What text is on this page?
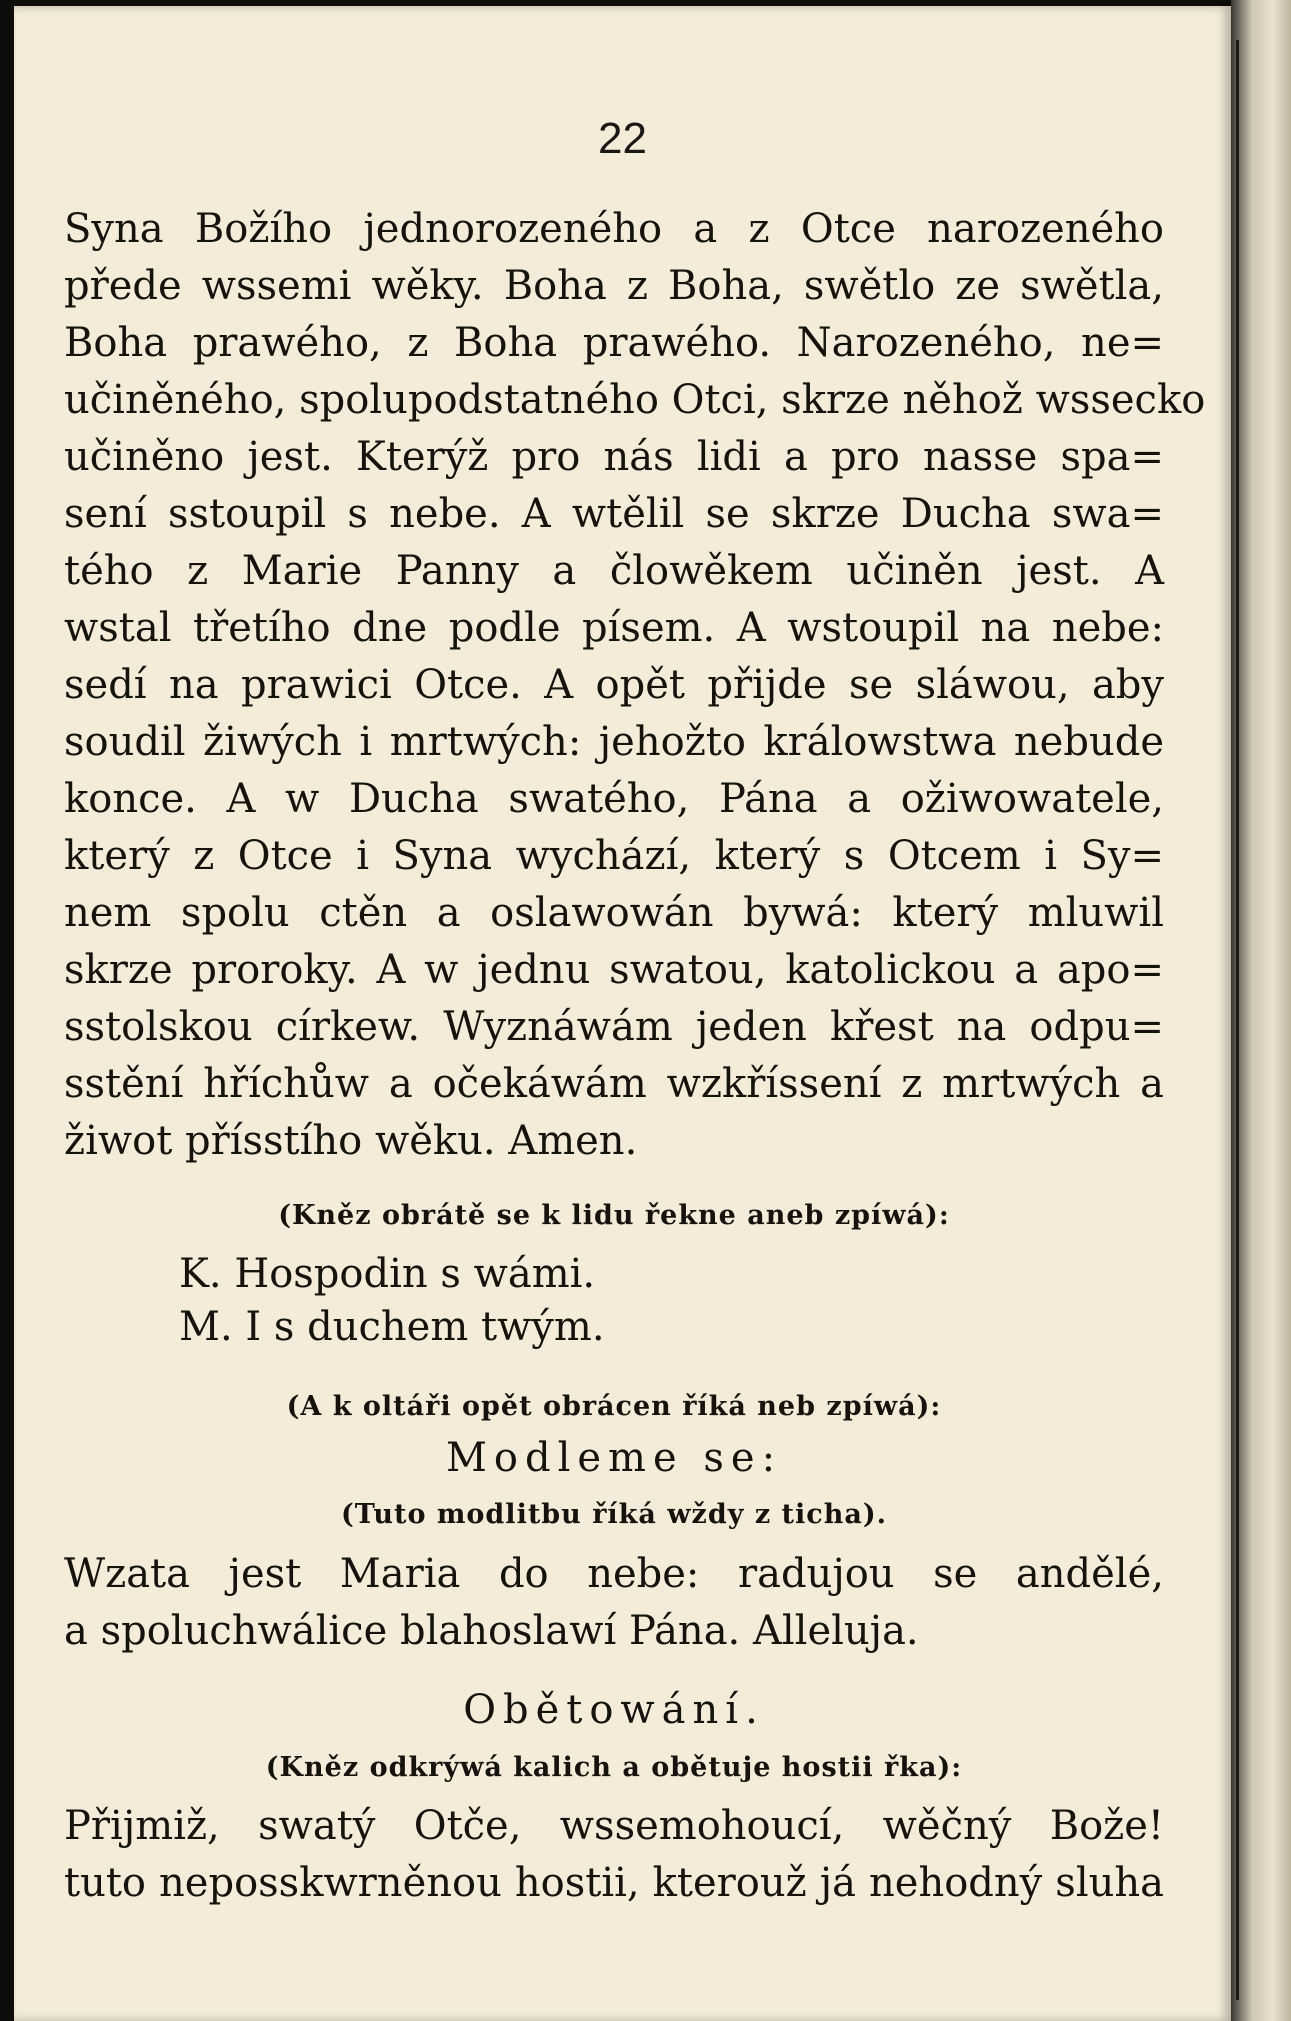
22
Syna Božího jednorozeného a z Otce narozeného
přede wssemi wěky. Boha z Boha, swětlo ze swětla,
Boha prawého, z Boha prawého. Narozeného, ne=
učiněného, spolupodstatného Otci, skrze něhož wssecko
učiněno jest. Kterýž pro nás lidi a pro nasse spa=
sení sstoupil s nebe. A wtělil se skrze Ducha swa=
tého z Marie Panny a člowěkem učiněn jest. A
wstal třetího dne podle písem. A wstoupil na nebe:
sedí na prawici Otce. A opět přijde se sláwou, aby
soudil žiwých i mrtwých: jehožto králowstwa nebude
konce. A w Ducha swatého, Pána a ožiwowatele,
který z Otce i Syna wychází, který s Otcem i Sy=
nem spolu ctěn a oslawowán bywá: který mluwil
skrze proroky. A w jednu swatou, katolickou a apo=
sstolskou církew. Wyznáwám jeden křest na odpu=
sstění hříchůw a očekáwám wzkříssení z mrtwých a
žiwot přísstího wěku. Amen.
(Kněz obrátě se k lidu řekne aneb zpíwá):
K. Hospodin s wámi.
M. I s duchem twým.
(A k oltáři opět obrácen říká neb zpíwá):
Modleme se:
(Tuto modlitbu říká wždy z ticha).
Wzata jest Maria do nebe: radujou se andělé,
a spoluchwálice blahoslawí Pána. Alleluja.
Obětowání.
(Kněz odkrýwá kalich a obětuje hostii řka):
Přijmiž, swatý Otče, wssemohoucí, wěčný Bože!
tuto neposskwrněnou hostii, kterouž já nehodný sluha
